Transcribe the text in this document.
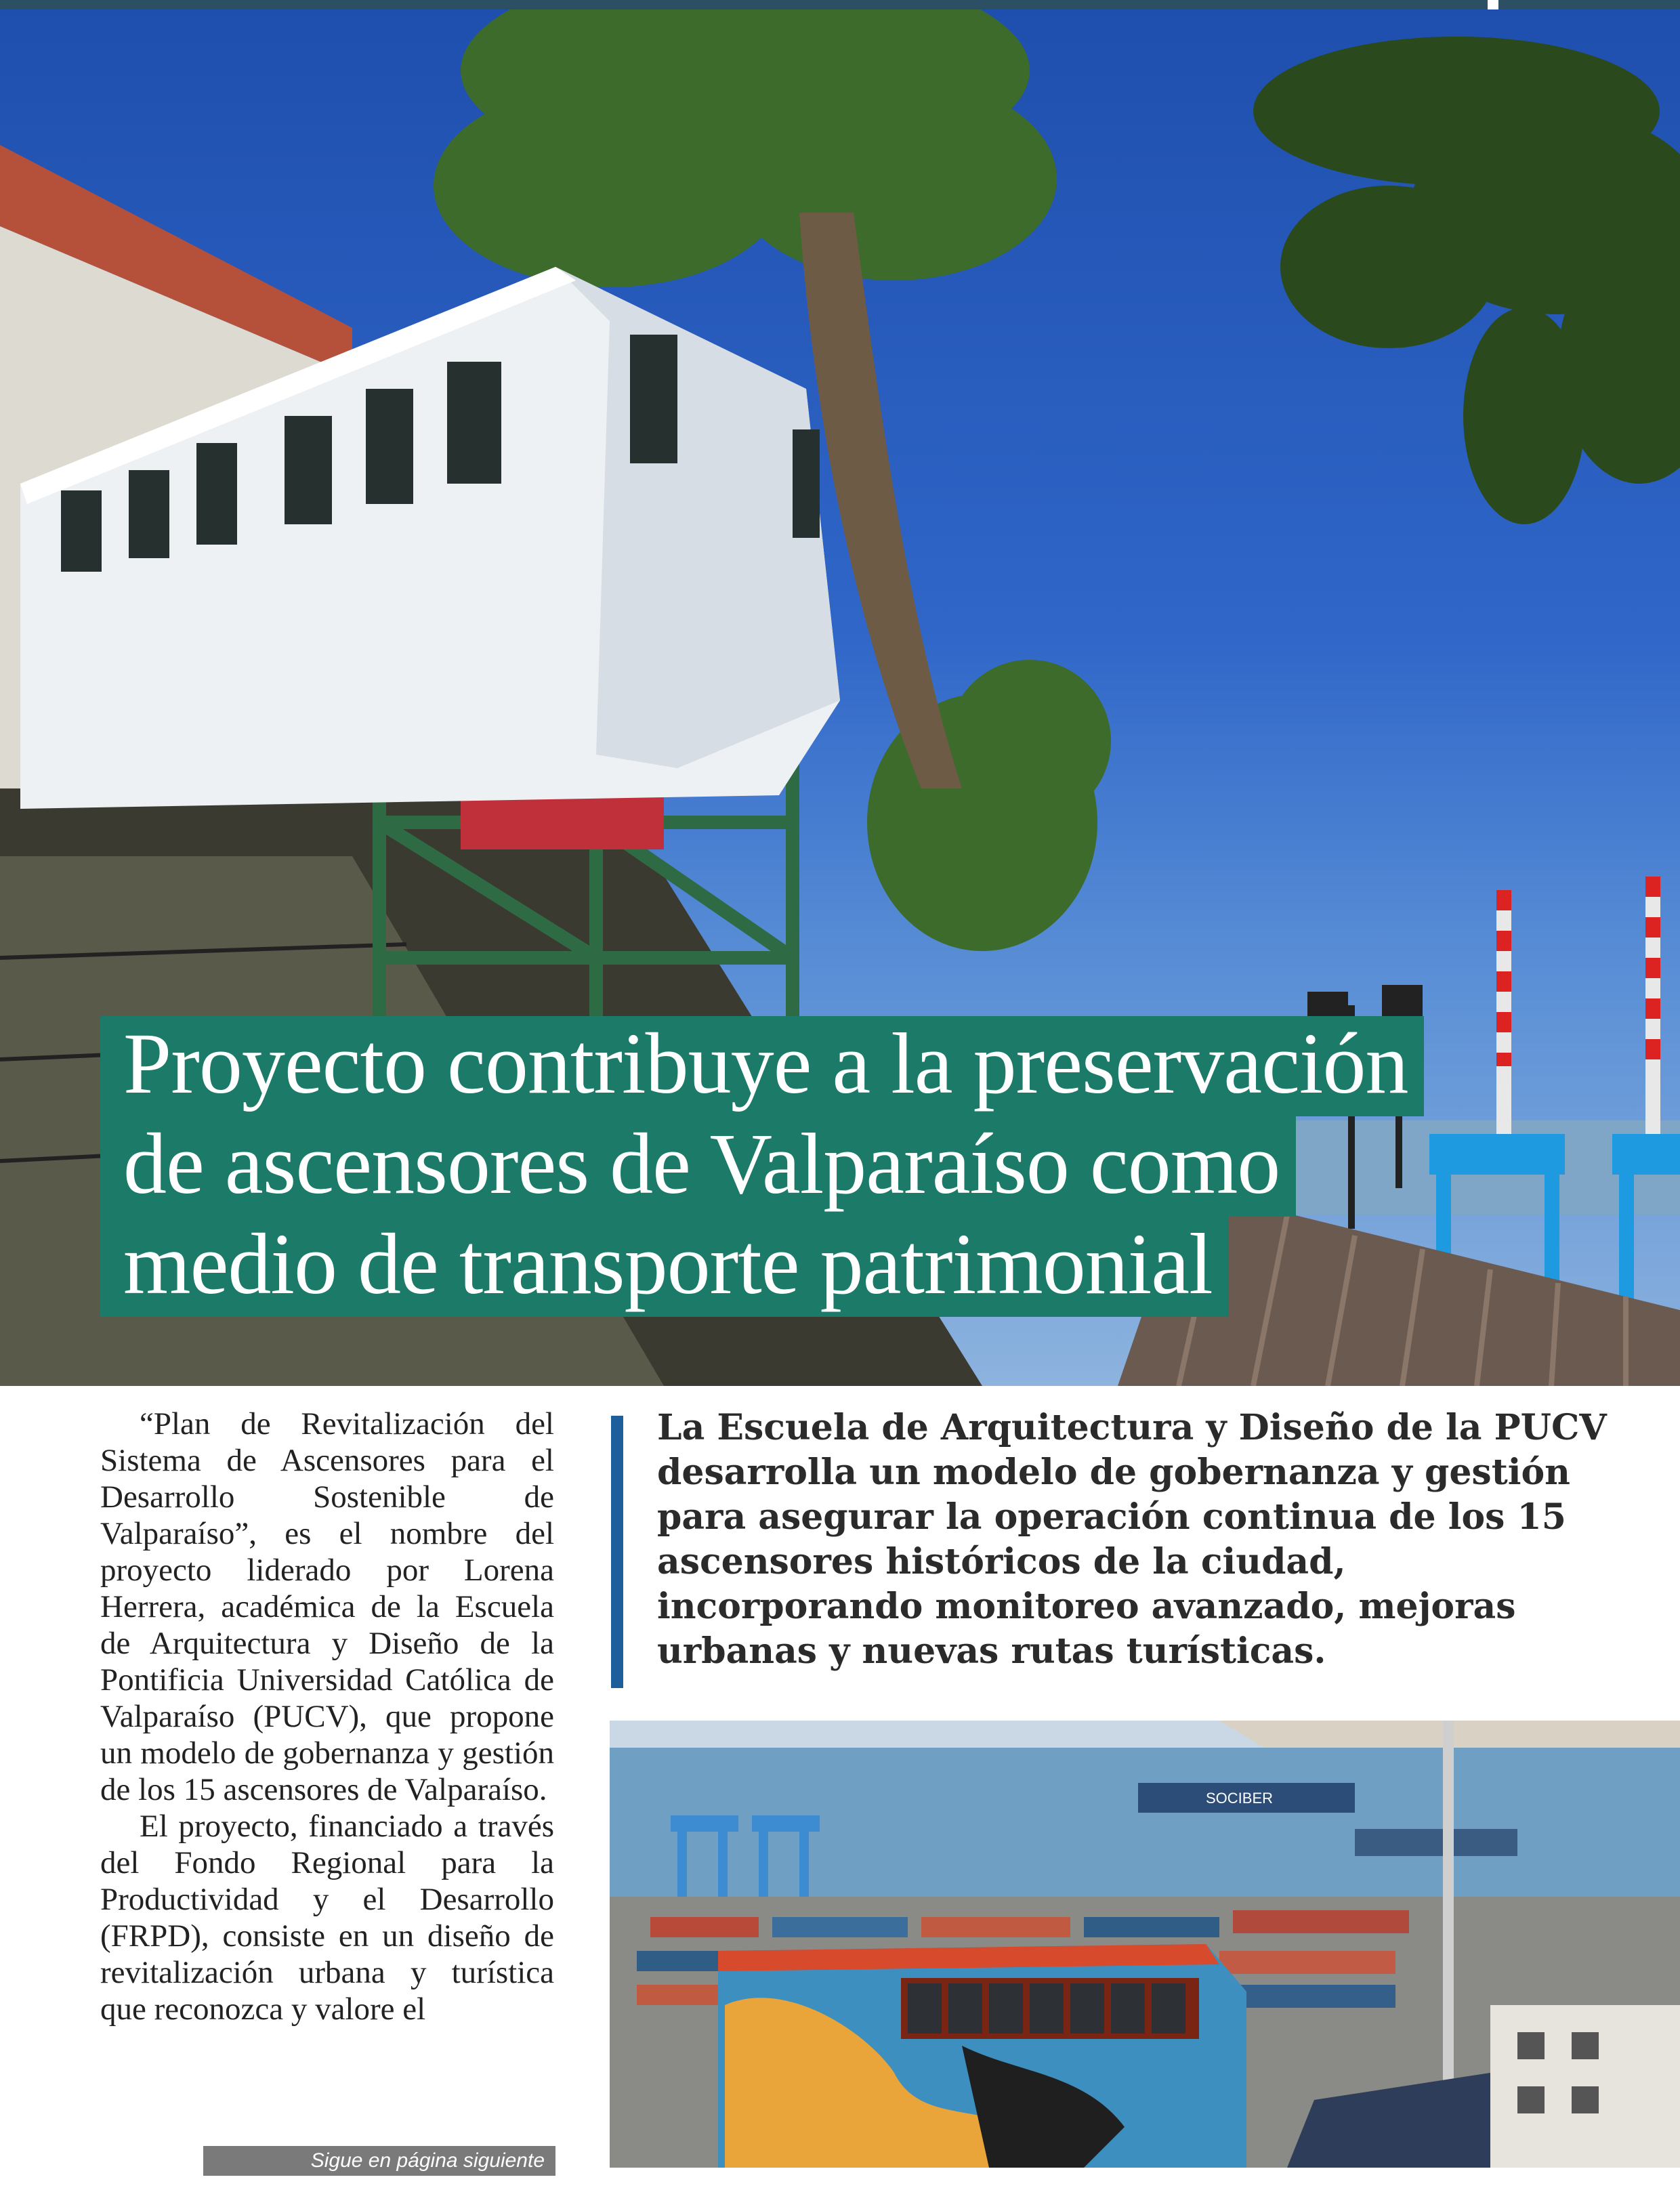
Proyecto contribuye a la preservación
de ascensores de Valparaíso como
medio de transporte patrimonial

“Plan de Revitalización del Sistema de Ascensores para el Desarrollo Sostenible de Valparaíso”, es el nombre del proyecto liderado por Lorena Herrera, académica de la Escuela de Arquitectura y Diseño de la Pontificia Universidad Católica de Valparaíso (PUCV), que propone un modelo de gobernanza y gestión de los 15 ascensores de Valparaíso.

El proyecto, financiado a través del Fondo Regional para la Productividad y el Desarrollo (FRPD), consiste en un diseño de revitalización urbana y turística que reconozca y valore el

Sigue en página siguiente
La Escuela de Arquitectura y Diseño de la PUCV desarrolla un modelo de gobernanza y gestión para asegurar la operación continua de los 15 ascensores históricos de la ciudad, incorporando monitoreo avanzado, mejoras urbanas y nuevas rutas turísticas.
SOCIBER
